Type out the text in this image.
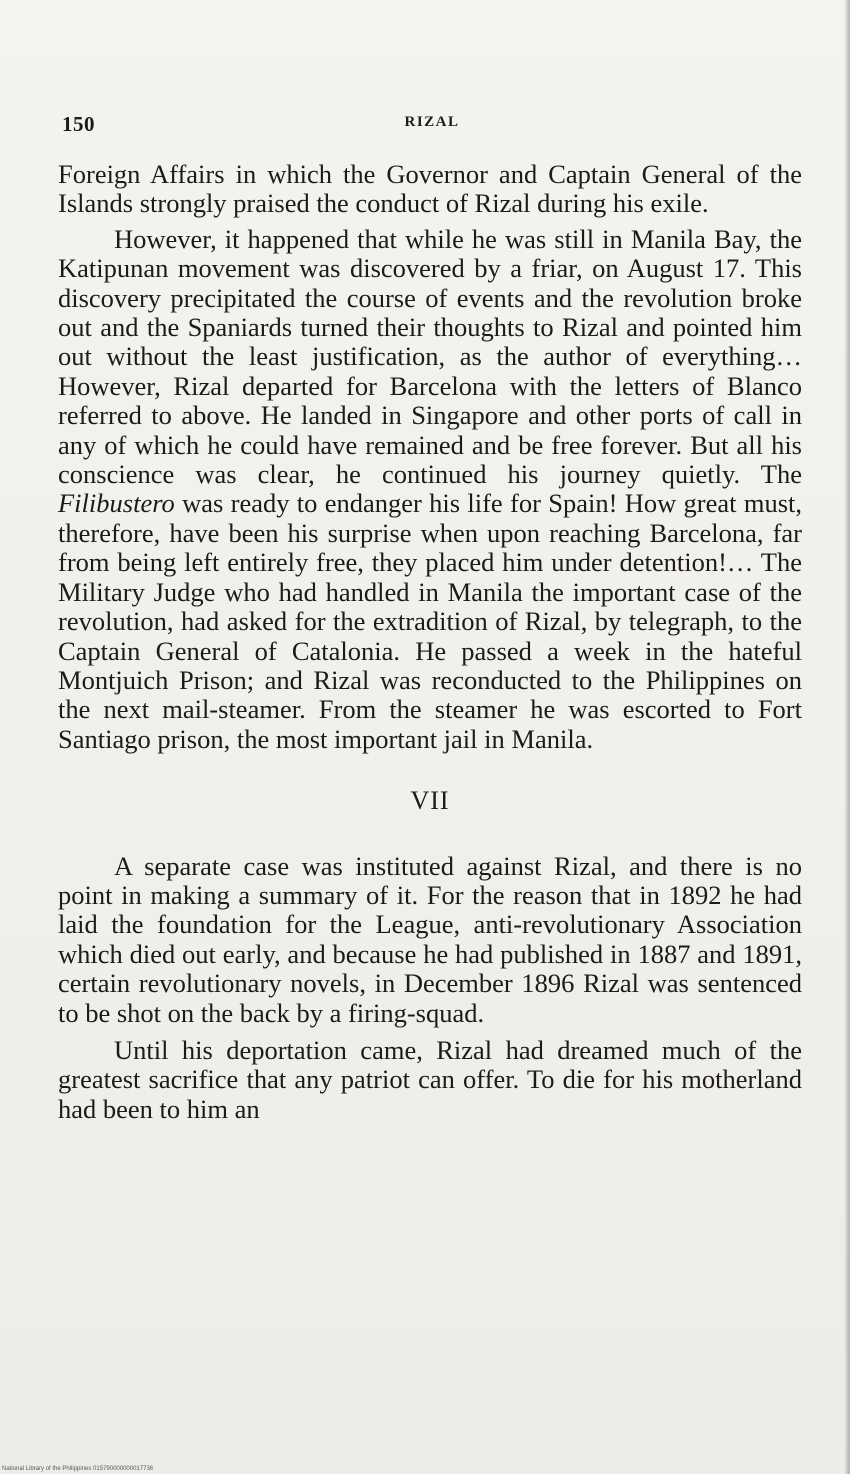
150	RIZAL

Foreign Affairs in which the Governor and Captain General of the Islands strongly praised the conduct of Rizal during his exile.

However, it happened that while he was still in Manila Bay, the Katipunan movement was discovered by a friar, on August 17. This discovery precipitated the course of events and the revolution broke out and the Spaniards turned their thoughts to Rizal and pointed him out without the least justification, as the author of everything… However, Rizal departed for Barcelona with the letters of Blanco referred to above. He landed in Singapore and other ports of call in any of which he could have remained and be free forever. But all his conscience was clear, he continued his journey quietly. The Filibustero was ready to endanger his life for Spain! How great must, therefore, have been his surprise when upon reaching Barcelona, far from being left entirely free, they placed him under detention!… The Military Judge who had handled in Manila the important case of the revolution, had asked for the extradition of Rizal, by telegraph, to the Captain General of Catalonia. He passed a week in the hateful Montjuich Prison; and Rizal was reconducted to the Philippines on the next mail-steamer. From the steamer he was escorted to Fort Santiago prison, the most important jail in Manila.

VII

A separate case was instituted against Rizal, and there is no point in making a summary of it. For the reason that in 1892 he had laid the foundation for the League, anti-revolutionary Association which died out early, and because he had published in 1887 and 1891, certain revolutionary novels, in December 1896 Rizal was sentenced to be shot on the back by a firing-squad.

Until his deportation came, Rizal had dreamed much of the greatest sacrifice that any patriot can offer. To die for his motherland had been to him an

National Library of the Philippines 015790000000017736
